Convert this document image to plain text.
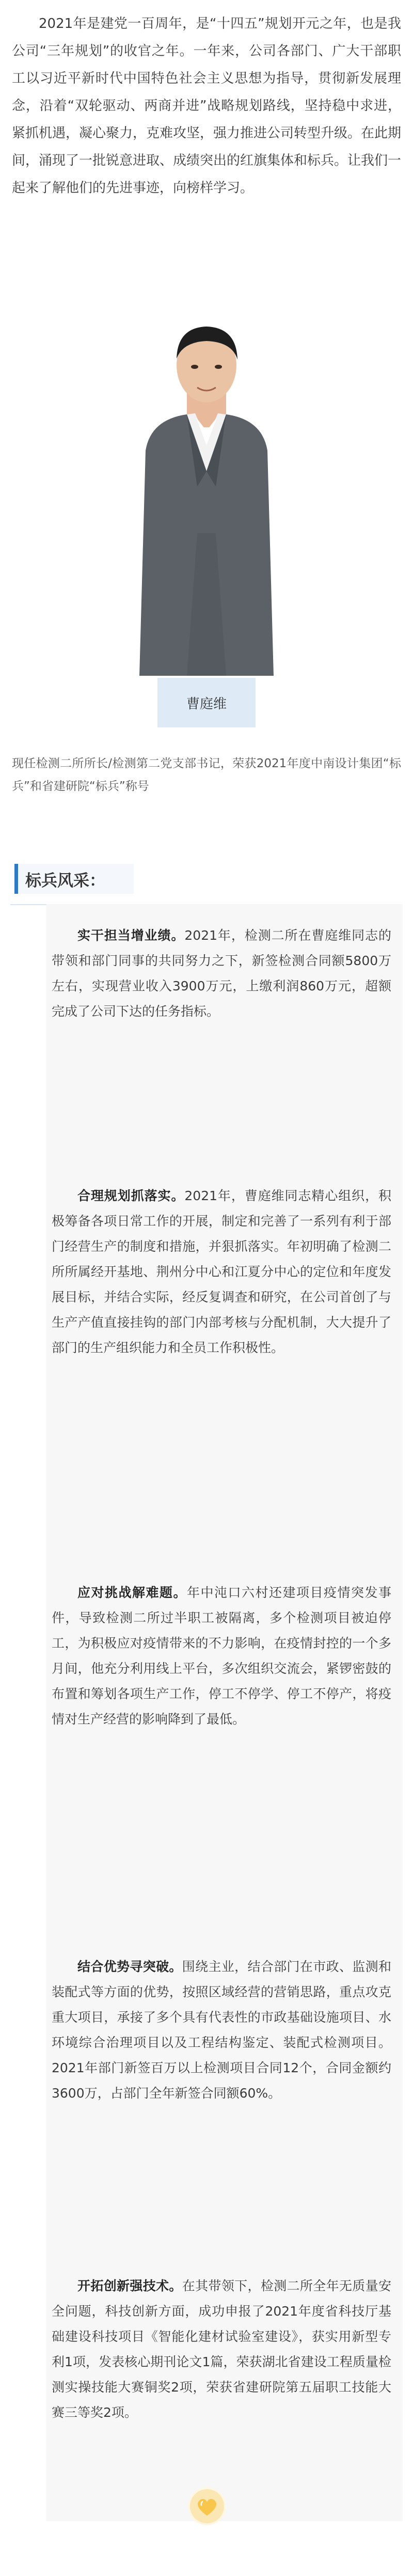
2021年是建党一百周年，是“十四五”规划开元之年，也是我公司“三年规划”的收官之年。一年来，公司各部门、广大干部职工以习近平新时代中国特色社会主义思想为指导，贯彻新发展理念，沿着“双轮驱动、两商并进”战略规划路线，坚持稳中求进，紧抓机遇，凝心聚力，克难攻坚，强力推进公司转型升级。在此期间，涌现了一批锐意进取、成绩突出的红旗集体和标兵。让我们一起来了解他们的先进事迹，向榜样学习。

曹庭维

现任检测二所所长/检测第二党支部书记，荣获2021年度中南设计集团“标兵”和省建研院“标兵”称号

标兵风采：

实干担当增业绩。2021年，检测二所在曹庭维同志的带领和部门同事的共同努力之下，新签检测合同额5800万左右，实现营业收入3900万元，上缴利润860万元，超额完成了公司下达的任务指标。

合理规划抓落实。2021年，曹庭维同志精心组织，积极筹备各项日常工作的开展，制定和完善了一系列有利于部门经营生产的制度和措施，并狠抓落实。年初明确了检测二所所属经开基地、荆州分中心和江夏分中心的定位和年度发展目标，并结合实际，经反复调查和研究，在公司首创了与生产产值直接挂钩的部门内部考核与分配机制，大大提升了部门的生产组织能力和全员工作积极性。

应对挑战解难题。年中沌口六村还建项目疫情突发事件，导致检测二所过半职工被隔离，多个检测项目被迫停工，为积极应对疫情带来的不力影响，在疫情封控的一个多月间，他充分利用线上平台，多次组织交流会，紧锣密鼓的布置和筹划各项生产工作，停工不停学、停工不停产，将疫情对生产经营的影响降到了最低。

结合优势寻突破。围绕主业，结合部门在市政、监测和装配式等方面的优势，按照区域经营的营销思路，重点攻克重大项目，承接了多个具有代表性的市政基础设施项目、水环境综合治理项目以及工程结构鉴定、装配式检测项目。2021年部门新签百万以上检测项目合同12个，合同金额约3600万，占部门全年新签合同额60%。

开拓创新强技术。在其带领下，检测二所全年无质量安全问题，科技创新方面，成功申报了2021年度省科技厅基础建设科技项目《智能化建材试验室建设》，获实用新型专利1项，发表核心期刊论文1篇，荣获湖北省建设工程质量检测实操技能大赛铜奖2项，荣获省建研院第五届职工技能大赛三等奖2项。
